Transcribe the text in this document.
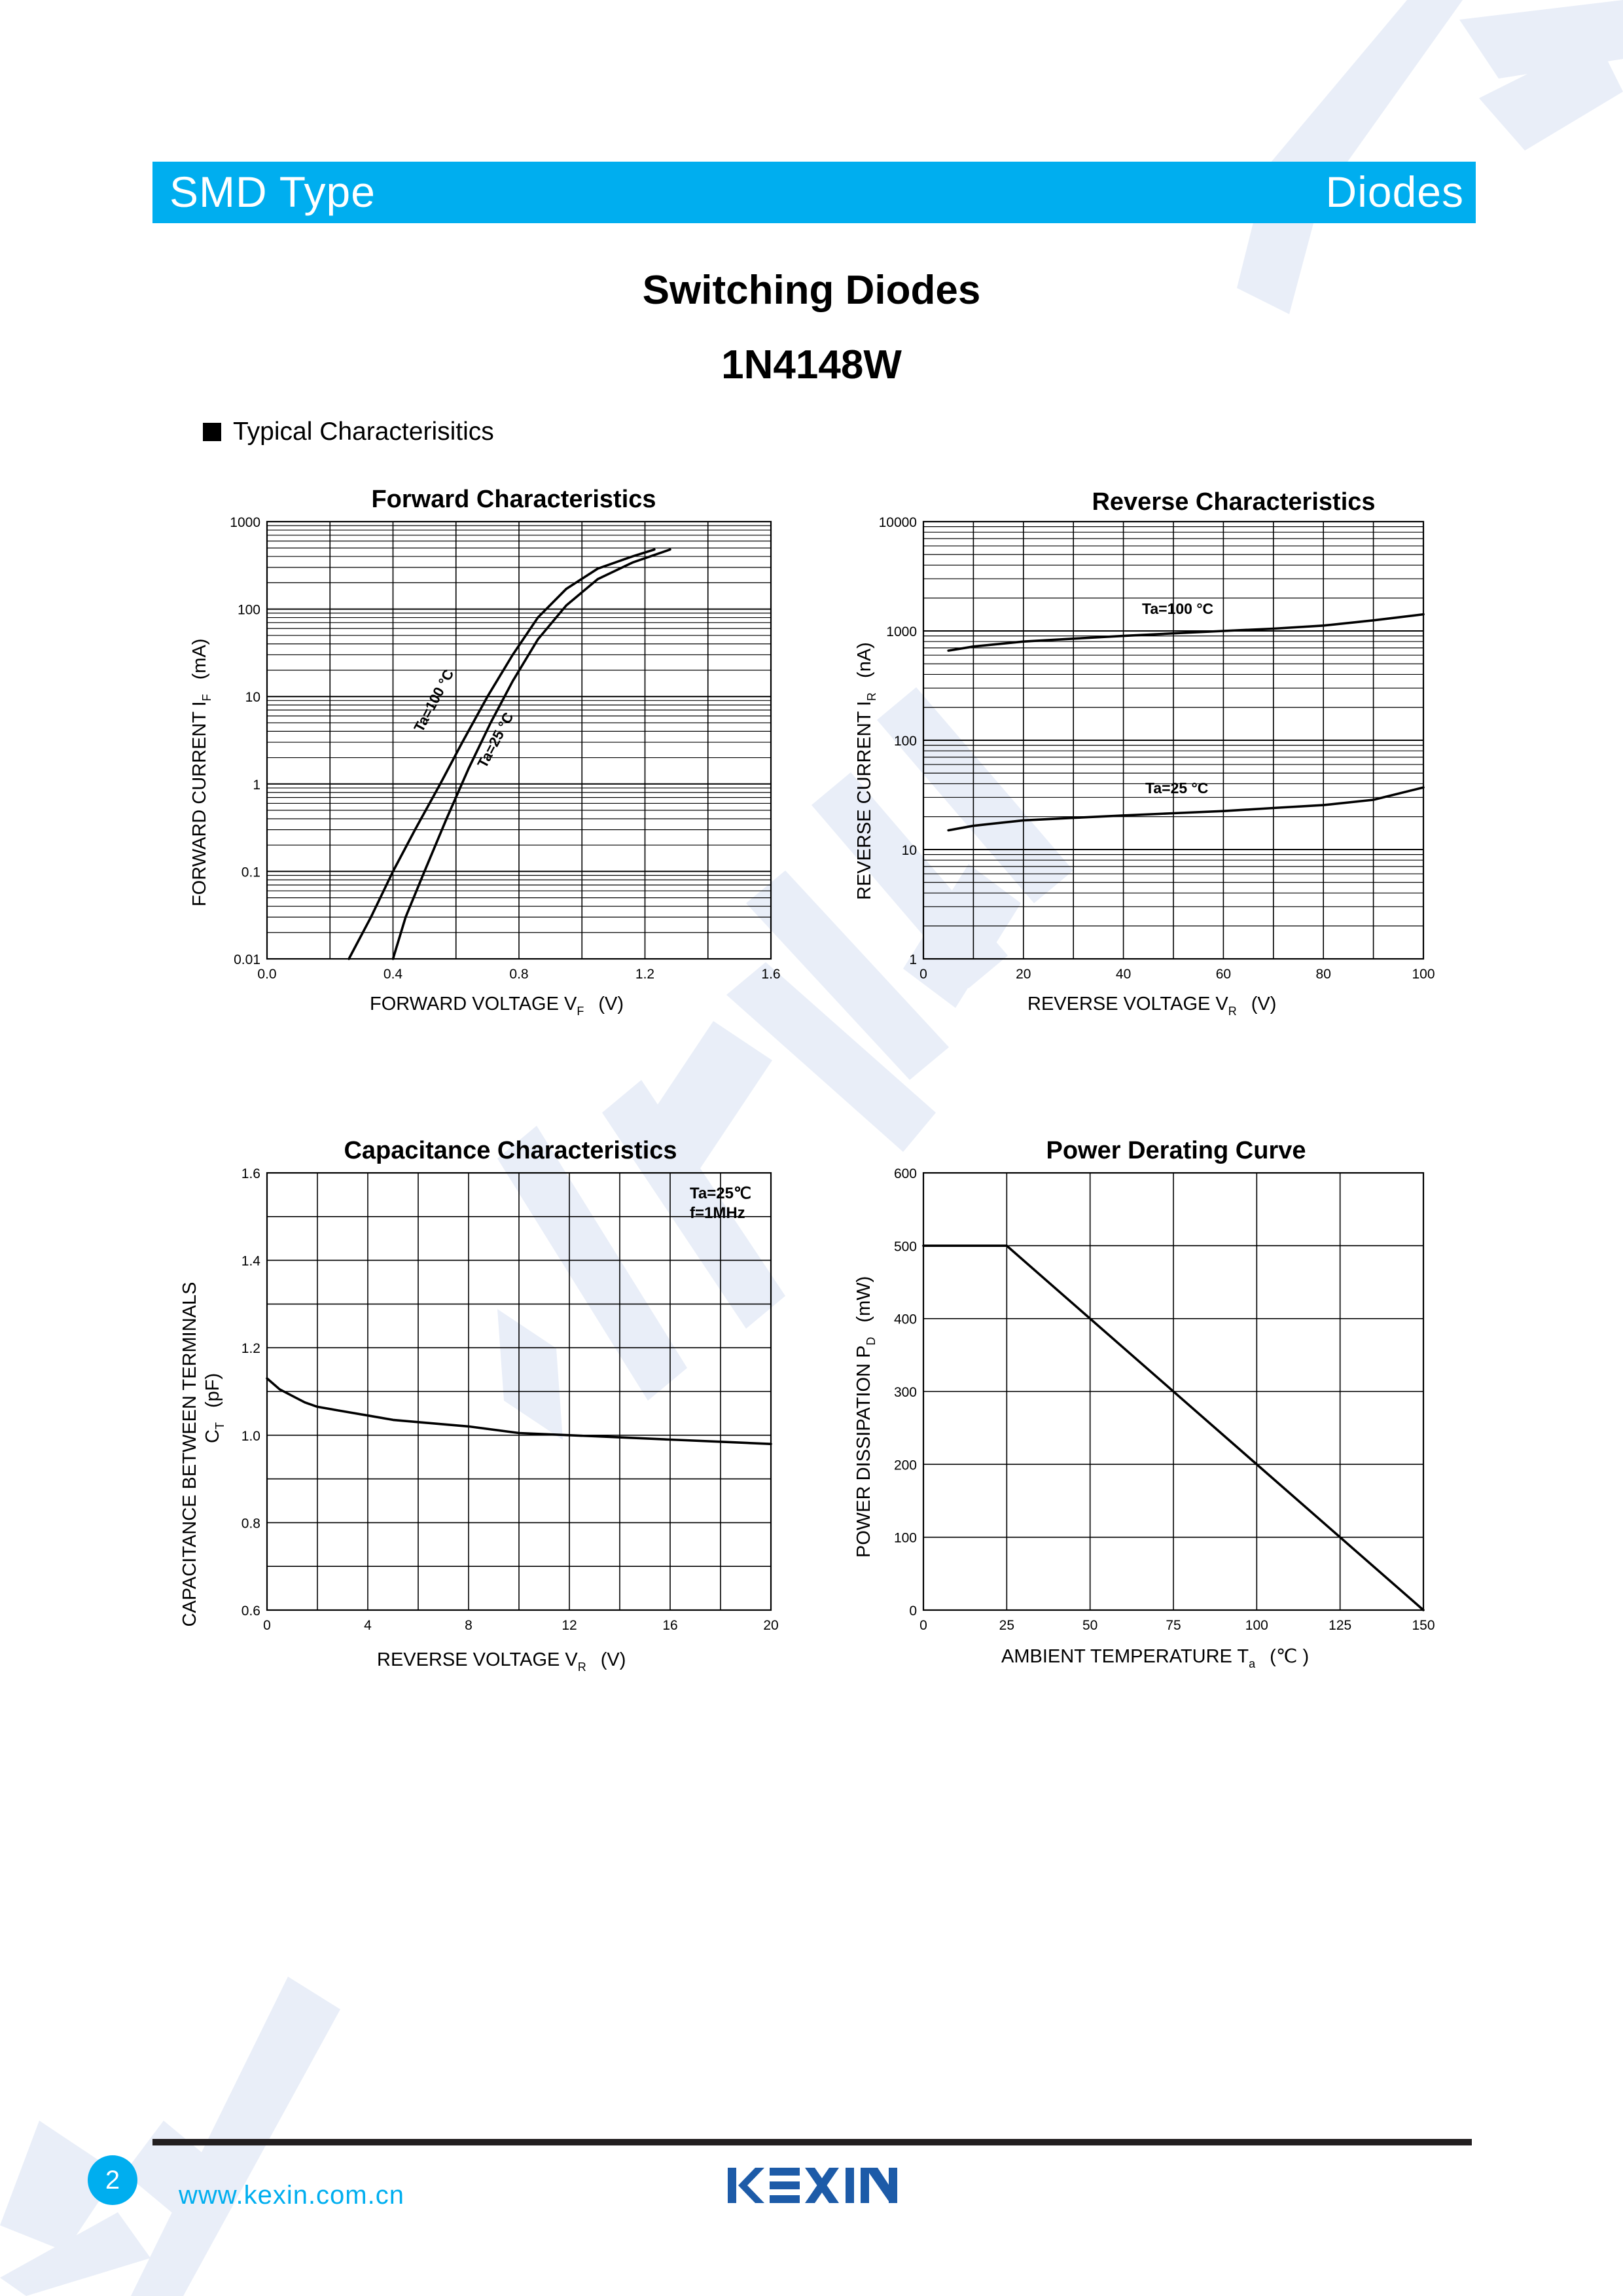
SMD Type	Diodes
Switching Diodes
1N4148W
Typical Characterisitics
Forward Characteristics
0.01
0.1
1
10
100
1000
0.0	0.4	0.8	1.2	1.6
Ta=100 °C
Ta=25 °C
FORWARD VOLTAGE $V_F$ (V)
FORWARD CURRENT $I_F(mA)$
Reverse Characteristics
1
10
100
1000
10000
0	20	40	60	80	100
Ta=100 °C
Ta=25 °C
REVERSE VOLTAGE $V_R$ (V)
REVERSE CURRENT $I_R(nA)$
Capacitance Characteristics
0.6
0.8
1.0
1.2
1.4
1.6
0	4	8	12	16	20
Ta=25℃
f=1MHz
REVERSE VOLTAGE $V_R$ (V)
CAPACITANCE BETWEEN TERMINALS $C_T(pF)$
Power Derating Curve
0
100
200
300
400
500
600
0	25	50	75	100	125	150
AMBIENT TEMPERATURE $T_a$ (℃ )
POWER DISSIPATION $P_D(mW)$
2
www.kexin.com.cn
